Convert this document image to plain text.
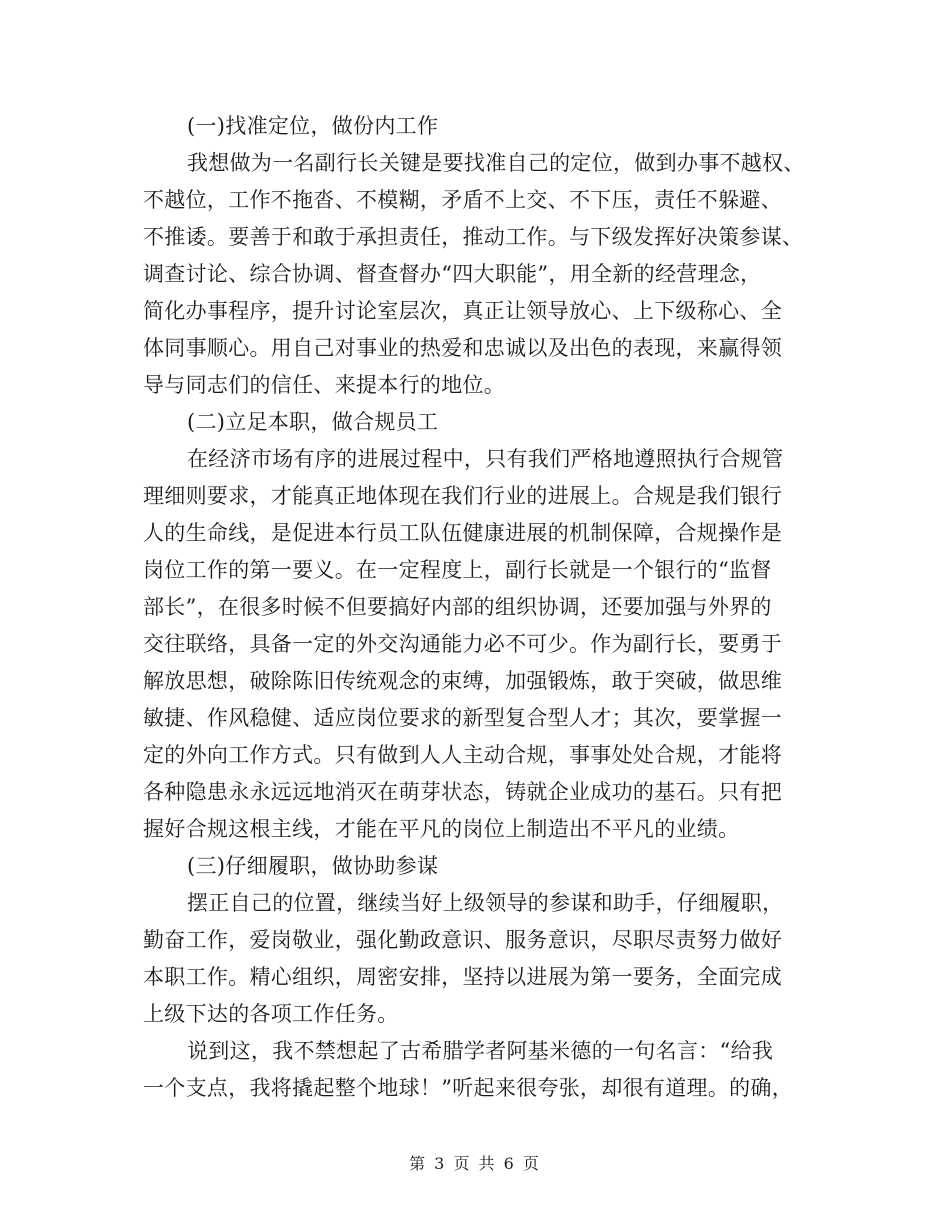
(一)找准定位，做份内工作
我想做为一名副行长关键是要找准自己的定位，做到办事不越权、
不越位，工作不拖沓、不模糊，矛盾不上交、不下压，责任不躲避、
不推诿。要善于和敢于承担责任，推动工作。与下级发挥好决策参谋、
调查讨论、综合协调、督查督办“四大职能”，用全新的经营理念，
简化办事程序，提升讨论室层次，真正让领导放心、上下级称心、全
体同事顺心。用自己对事业的热爱和忠诚以及出色的表现，来赢得领
导与同志们的信任、来提本行的地位。
(二)立足本职，做合规员工
在经济市场有序的进展过程中，只有我们严格地遵照执行合规管
理细则要求，才能真正地体现在我们行业的进展上。合规是我们银行
人的生命线，是促进本行员工队伍健康进展的机制保障，合规操作是
岗位工作的第一要义。在一定程度上，副行长就是一个银行的“监督
部长”，在很多时候不但要搞好内部的组织协调，还要加强与外界的
交往联络，具备一定的外交沟通能力必不可少。作为副行长，要勇于
解放思想，破除陈旧传统观念的束缚，加强锻炼，敢于突破，做思维
敏捷、作风稳健、适应岗位要求的新型复合型人才；其次，要掌握一
定的外向工作方式。只有做到人人主动合规，事事处处合规，才能将
各种隐患永永远远地消灭在萌芽状态，铸就企业成功的基石。只有把
握好合规这根主线，才能在平凡的岗位上制造出不平凡的业绩。
(三)仔细履职，做协助参谋
摆正自己的位置，继续当好上级领导的参谋和助手，仔细履职，
勤奋工作，爱岗敬业，强化勤政意识、服务意识，尽职尽责努力做好
本职工作。精心组织，周密安排，坚持以进展为第一要务，全面完成
上级下达的各项工作任务。
说到这，我不禁想起了古希腊学者阿基米德的一句名言：“给我
一个支点，我将撬起整个地球！”听起来很夸张，却很有道理。的确，
第 3 页 共 6 页
